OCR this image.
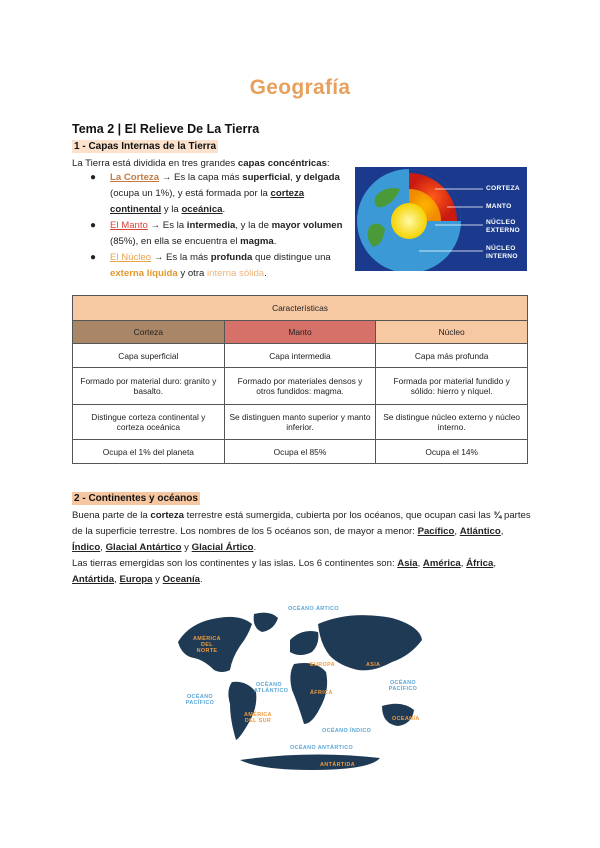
Geografía
Tema 2 | El Relieve De La Tierra
1 - Capas Internas de la Tierra
La Tierra está dividida en tres grandes capas concéntricas:
● La Corteza → Es la capa más superficial, y delgada (ocupa un 1%), y está formada por la corteza continental y la oceánica.
● El Manto → Es la intermedia, y la de mayor volumen (85%), en ella se encuentra el magma.
● El Núcleo → Es la más profunda que distingue una externa líquida y otra interna sólida.
CORTEZA
MANTO
NÚCLEO EXTERNO
NÚCLEO INTERNO
Características		
Corteza	Manto	Núcleo
Capa superficial	Capa intermedia	Capa más profunda
Formado por material duro: granito y basalto.	Formado por materiales densos y otros fundidos: magma.	Formada por material fundido y sólido: hierro y níquel.
Distingue corteza continental y corteza oceánica	Se distinguen manto superior y manto inferior.	Se distingue núcleo externo y núcleo interno.
Ocupa el 1% del planeta	Ocupa el 85%	Ocupa el 14%
2 - Continentes y océanos
Buena parte de la corteza terrestre está sumergida, cubierta por los océanos, que ocupan casi las ¾ partes de la superficie terrestre. Los nombres de los 5 océanos son, de mayor a menor: Pacífico, Atlántico, Índico, Glacial Antártico y Glacial Ártico.
Las tierras emergidas son los continentes y las islas. Los 6 continentes son: Asia, América, África, Antártida, Europa y Oceanía.
OCÉANO ÁRTICO
AMÉRICA DEL NORTE
EUROPA	ASIA
OCÉANO ATLÁNTICO
OCÉANO PACÍFICO
ÁFRICA
OCÉANO PACÍFICO
AMÉRICA DEL SUR	OCEANÍA
OCÉANO ÍNDICO
OCÉANO ANTÁRTICO
ANTÁRTIDA
